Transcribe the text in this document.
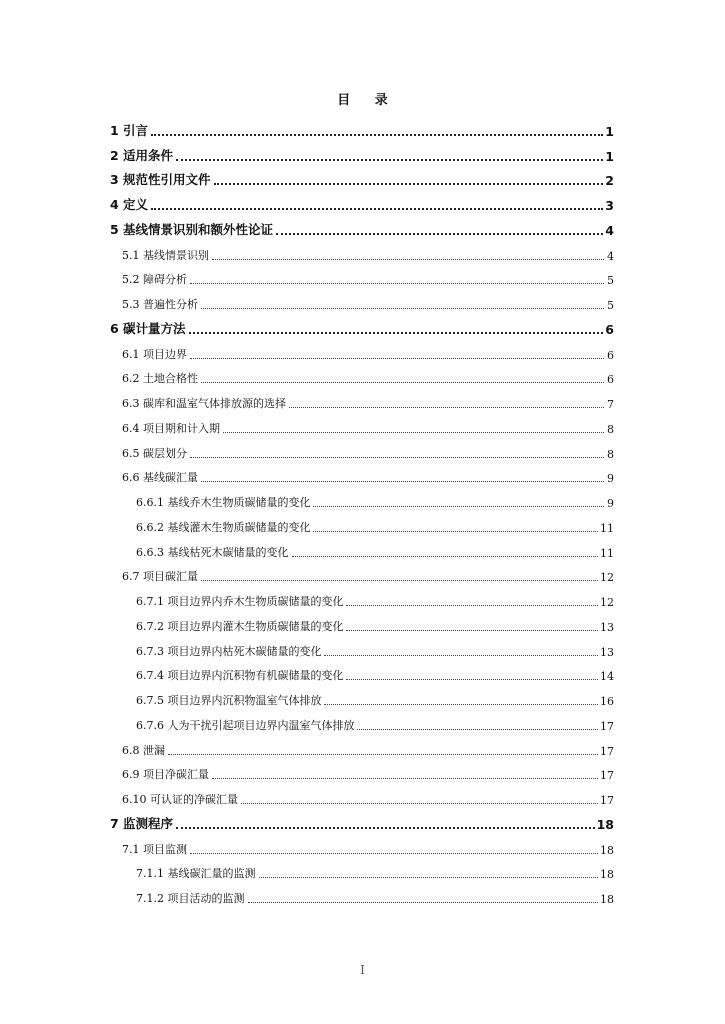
目 录
1 引言	1
2 适用条件	1
3 规范性引用文件	2
4 定义	3
5 基线情景识别和额外性论证	4
5.1 基线情景识别	4
5.2 障碍分析	5
5.3 普遍性分析	5
6 碳计量方法	6
6.1 项目边界	6
6.2 土地合格性	6
6.3 碳库和温室气体排放源的选择	7
6.4 项目期和计入期	8
6.5 碳层划分	8
6.6 基线碳汇量	9
6.6.1 基线乔木生物质碳储量的变化	9
6.6.2 基线灌木生物质碳储量的变化	11
6.6.3 基线枯死木碳储量的变化	11
6.7 项目碳汇量	12
6.7.1 项目边界内乔木生物质碳储量的变化	12
6.7.2 项目边界内灌木生物质碳储量的变化	13
6.7.3 项目边界内枯死木碳储量的变化	13
6.7.4 项目边界内沉积物有机碳储量的变化	14
6.7.5 项目边界内沉积物温室气体排放	16
6.7.6 人为干扰引起项目边界内温室气体排放	17
6.8 泄漏	17
6.9 项目净碳汇量	17
6.10 可认证的净碳汇量	17
7 监测程序	18
7.1 项目监测	18
7.1.1 基线碳汇量的监测	18
7.1.2 项目活动的监测	18
I
